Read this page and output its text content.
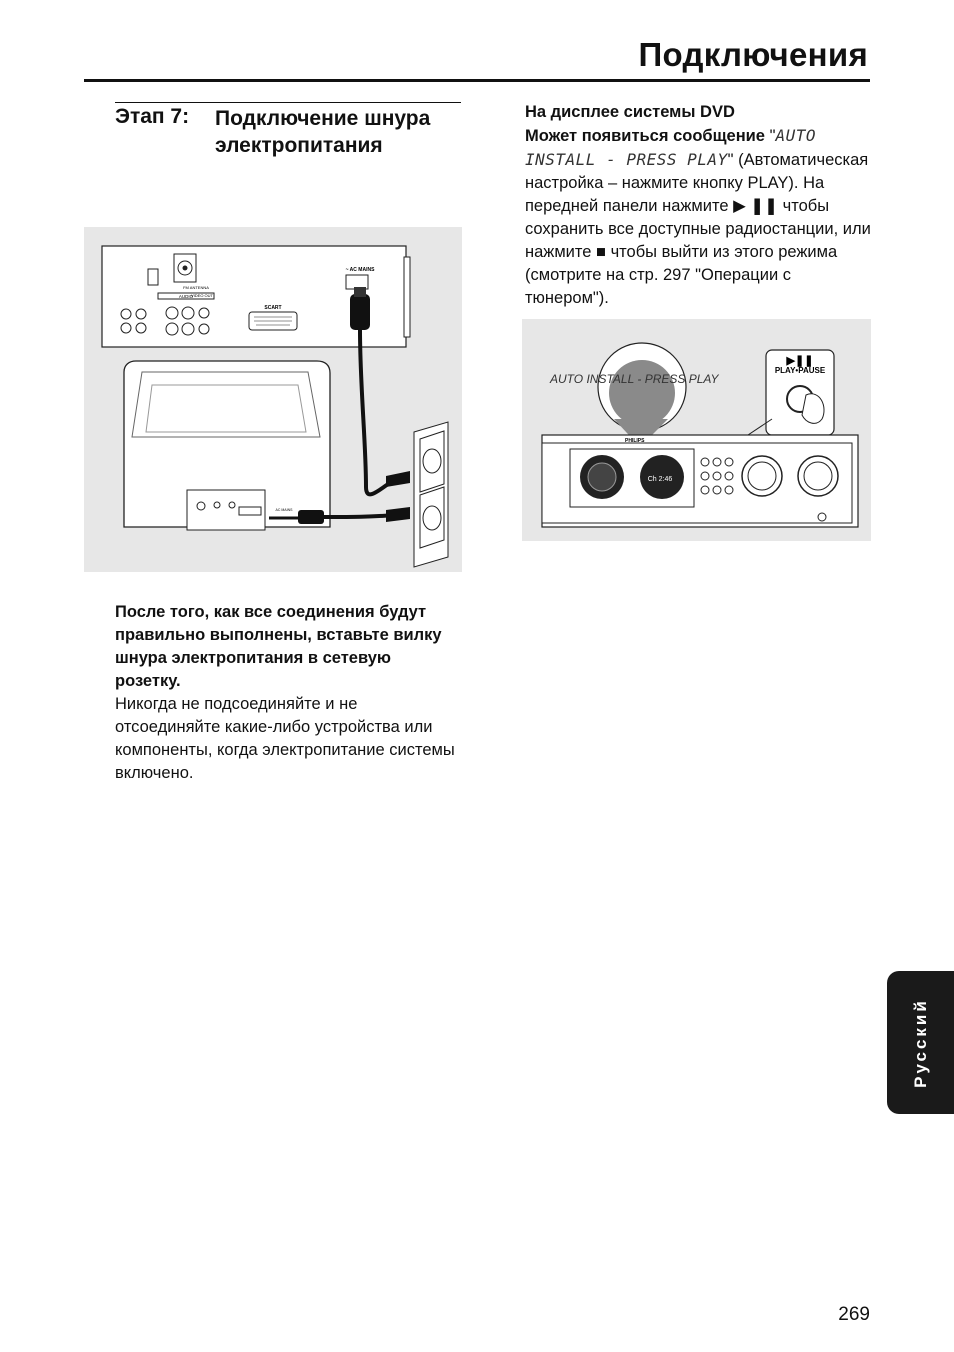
Подключения
Этап 7: Подключение шнура электропитания
FM ANTENNA
AUDIO
VIDEO OUT
SCART
~ AC MAINS
AC MAINS
На дисплее системы DVD
Может появиться сообщение "AUTO INSTALL - PRESS PLAY" (Автоматическая настройка – нажмите кнопку PLAY). На передней панели нажмите ▶ ❚❚ чтобы сохранить все доступные радиостанции, или нажмите ■ чтобы выйти из этого режима (смотрите на стр. 297 "Операции с тюнером").
AUTO INSTALL - PRESS PLAY
▶❚❚
PLAY•PAUSE
PHILIPS
Ch 2:46
После того, как все соединения будут правильно выполнены, вставьте вилку шнура электропитания в сетевую розетку.
Никогда не подсоединяйте и не отсоединяйте какие-либо устройства или компоненты, когда электропитание системы включено.
Русский
269
